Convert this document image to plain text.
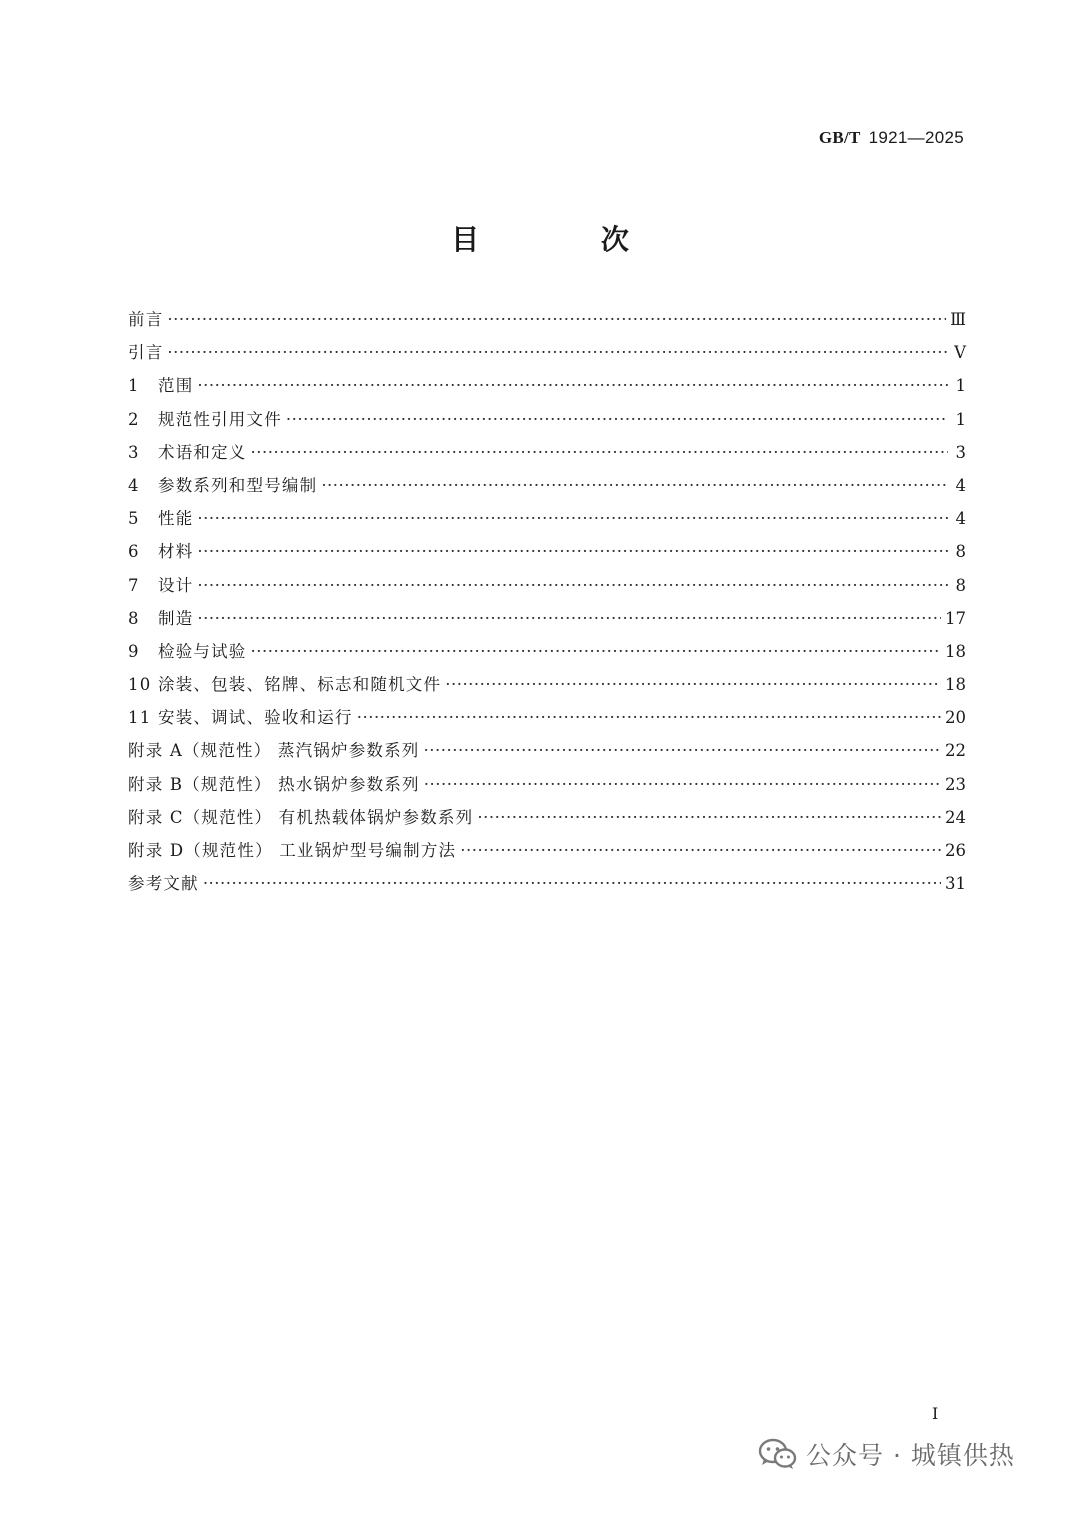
GB/T 1921—2025
目 次
前言 ·····	Ⅲ
引言 ·····	Ⅴ
1	范围 ·····	1
2	规范性引用文件 ·····	1
3	术语和定义 ·····	3
4	参数系列和型号编制 ·····	4
5	性能 ·····	4
6	材料 ·····	8
7	设计 ·····	8
8	制造 ·····	17
9	检验与试验 ·····	18
10 涂装、包装、铭牌、标志和随机文件 ·····	18
11 安装、调试、验收和运行 ·····	20
附录 A（规范性） 蒸汽锅炉参数系列 ·····	22
附录 B（规范性） 热水锅炉参数系列 ·····	23
附录 C（规范性） 有机热载体锅炉参数系列 ·····	24
附录 D（规范性） 工业锅炉型号编制方法 ·····	26
参考文献 ·····	31
I
公众号 · 城镇供热
